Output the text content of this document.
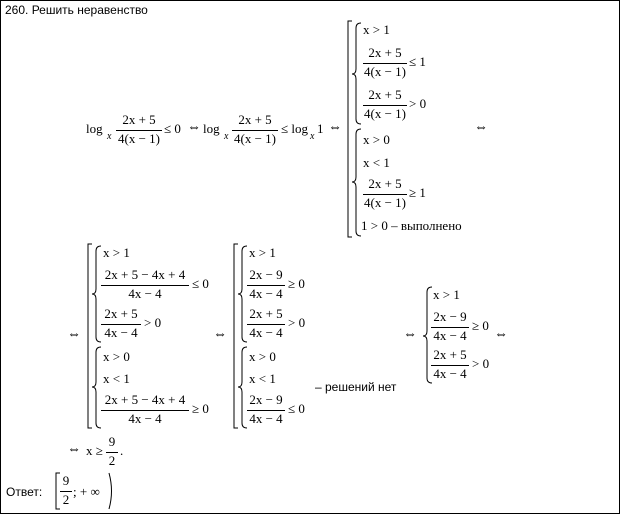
260. Решить неравенство
log
x
2x + 5
4(x − 1)
≤ 0 ⇔ log
x
2x + 5
4(x − 1)
≤ log
x
1 ⇔
x > 1
2x + 5
4(x − 1)
≤ 1
2x + 5
4(x − 1)
> 0
x > 0
x < 1
2x + 5
4(x − 1)
≥ 1
1 > 0 – выполнено
⇔
⇔
x > 1
2x + 5 − 4x + 4
4x − 4
≤ 0
2x + 5
4x − 4
> 0
x > 0
x < 1
2x + 5 − 4x + 4
4x − 4
≥ 0
⇔
x > 1
2x − 9
4x − 4
≥ 0
2x + 5
4x − 4
> 0
x > 0
x < 1
2x − 9
4x − 4
≤ 0
– решений нет
⇔
x > 1
2x − 9
4x − 4
≥ 0
2x + 5
4x − 4
> 0
⇔
⇔ x ≥
9
2
.
Ответ:
9
2
; + ∞
